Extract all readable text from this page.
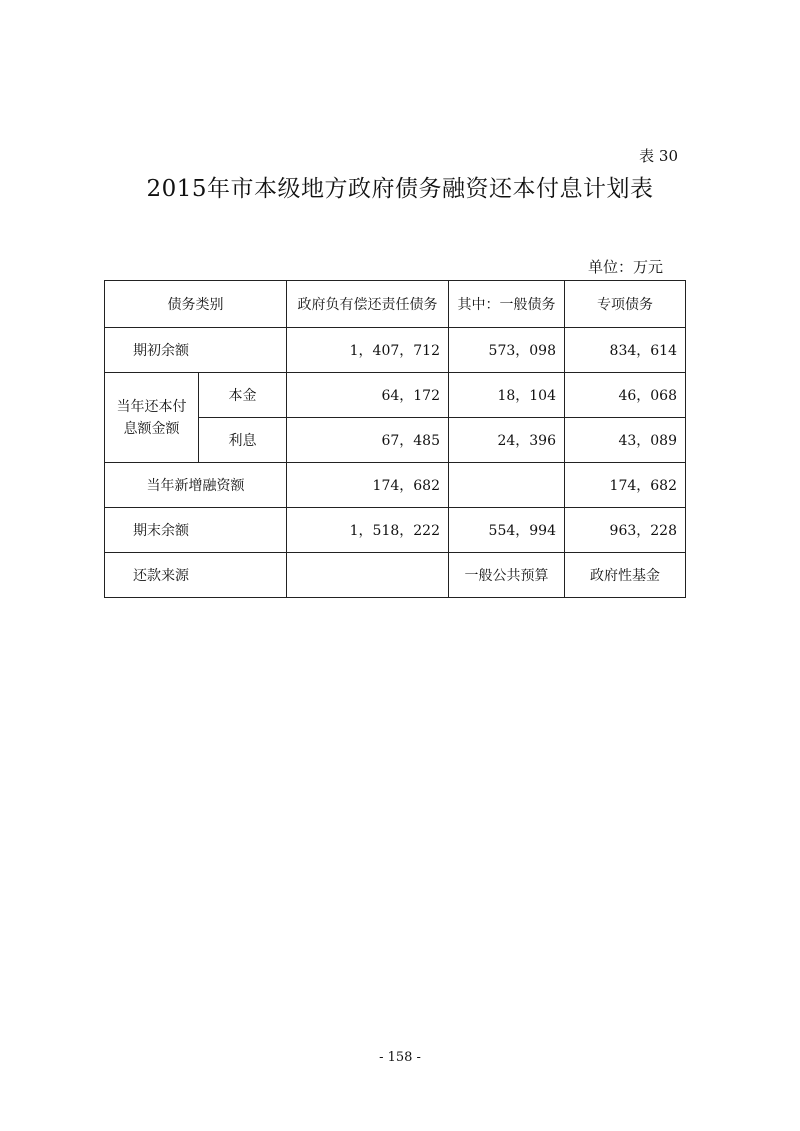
表 30
2015年市本级地方政府债务融资还本付息计划表
单位：万元
债务类别		政府负有偿还责任债务	其中：一般债务	专项债务
期初余额		1，407，712	573，098	834，614
当年还本付息额金额	本金	64，172	18，104	46，068
	利息	67，485	24，396	43，089
当年新增融资额		174，682		174，682
期末余额		1，518，222	554，994	963，228
还款来源			一般公共预算	政府性基金
- 158 -
